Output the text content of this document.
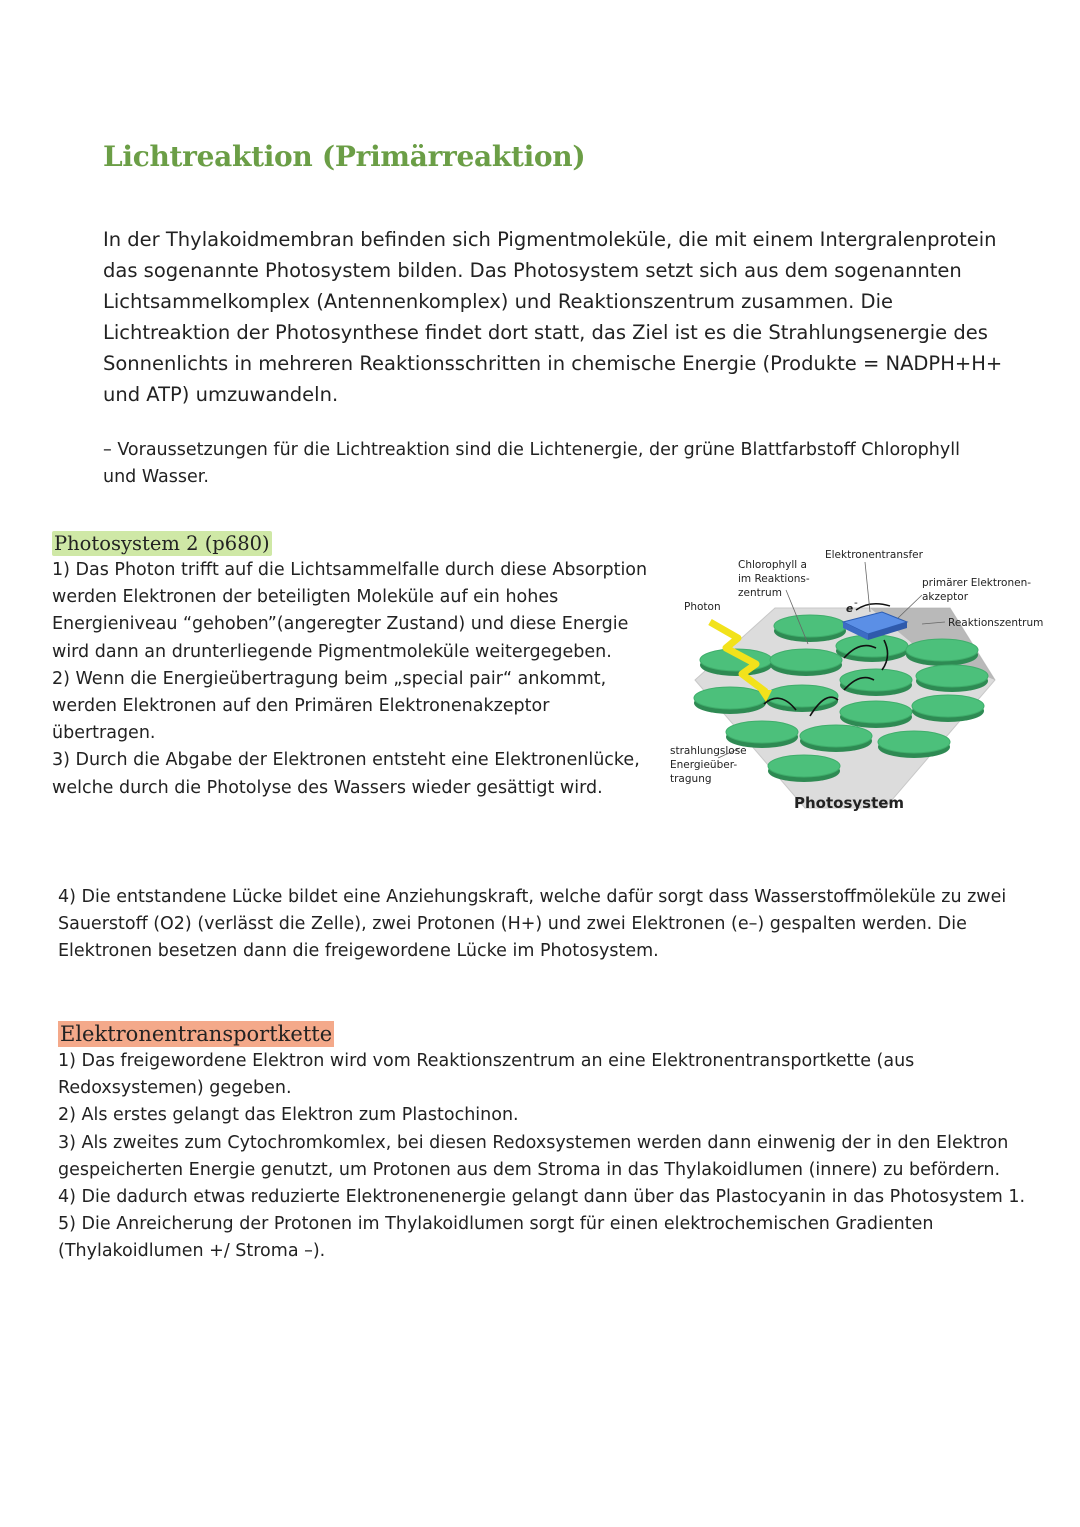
Lichtreaktion (Primärreaktion)

In der Thylakoidmembran befinden sich Pigmentmoleküle, die mit einem Intergralenprotein das sogenannte Photosystem bilden. Das Photosystem setzt sich aus dem sogenannten Lichtsammelkomplex (Antennenkomplex) und Reaktionszentrum zusammen. Die Lichtreaktion der Photosynthese findet dort statt, das Ziel ist es die Strahlungsenergie des Sonnenlichts in mehreren Reaktionsschritten in chemische Energie (Produkte = NADPH+H+ und ATP) umzuwandeln.

– Voraussetzungen für die Lichtreaktion sind die Lichtenergie, der grüne Blattfarbstoff Chlorophyll und Wasser.

Photosystem 2 (p680)
1) Das Photon trifft auf die Lichtsammelfalle durch diese Absorption werden Elektronen der beteiligten Moleküle auf ein hohes Energieniveau “gehoben”(angeregter Zustand) und diese Energie wird dann an drunterliegende Pigmentmoleküle weitergegeben.
2) Wenn die Energieübertragung beim „special pair“ ankommt, werden Elektronen auf den Primären Elektronenakzeptor übertragen.
3) Durch die Abgabe der Elektronen entsteht eine Elektronenlücke, welche durch die Photolyse des Wassers wieder gesättigt wird.
Photon
Chlorophyll a
im Reaktions-
zentrum
Elektronentransfer
e -
primärer Elektronen-
akzeptor
Reaktionszentrum
strahlungslose
Energieüber-
tragung
Photosystem

4) Die entstandene Lücke bildet eine Anziehungskraft, welche dafür sorgt dass Wasserstoffmöleküle zu zwei Sauerstoff (O2) (verlässt die Zelle), zwei Protonen (H+) und zwei Elektronen (e–) gespalten werden. Die Elektronen besetzen dann die freigewordene Lücke im Photosystem.

Elektronentransportkette
1) Das freigewordene Elektron wird vom Reaktionszentrum an eine Elektronentransportkette (aus Redoxsystemen) gegeben.
2) Als erstes gelangt das Elektron zum Plastochinon.
3) Als zweites zum Cytochromkomlex, bei diesen Redoxsystemen werden dann einwenig der in den Elektron gespeicherten Energie genutzt, um Protonen aus dem Stroma in das Thylakoidlumen (innere) zu befördern.
4) Die dadurch etwas reduzierte Elektronenenergie gelangt dann über das Plastocyanin in das Photosystem 1.
5) Die Anreicherung der Protonen im Thylakoidlumen sorgt für einen elektrochemischen Gradienten (Thylakoidlumen +/ Stroma –).
